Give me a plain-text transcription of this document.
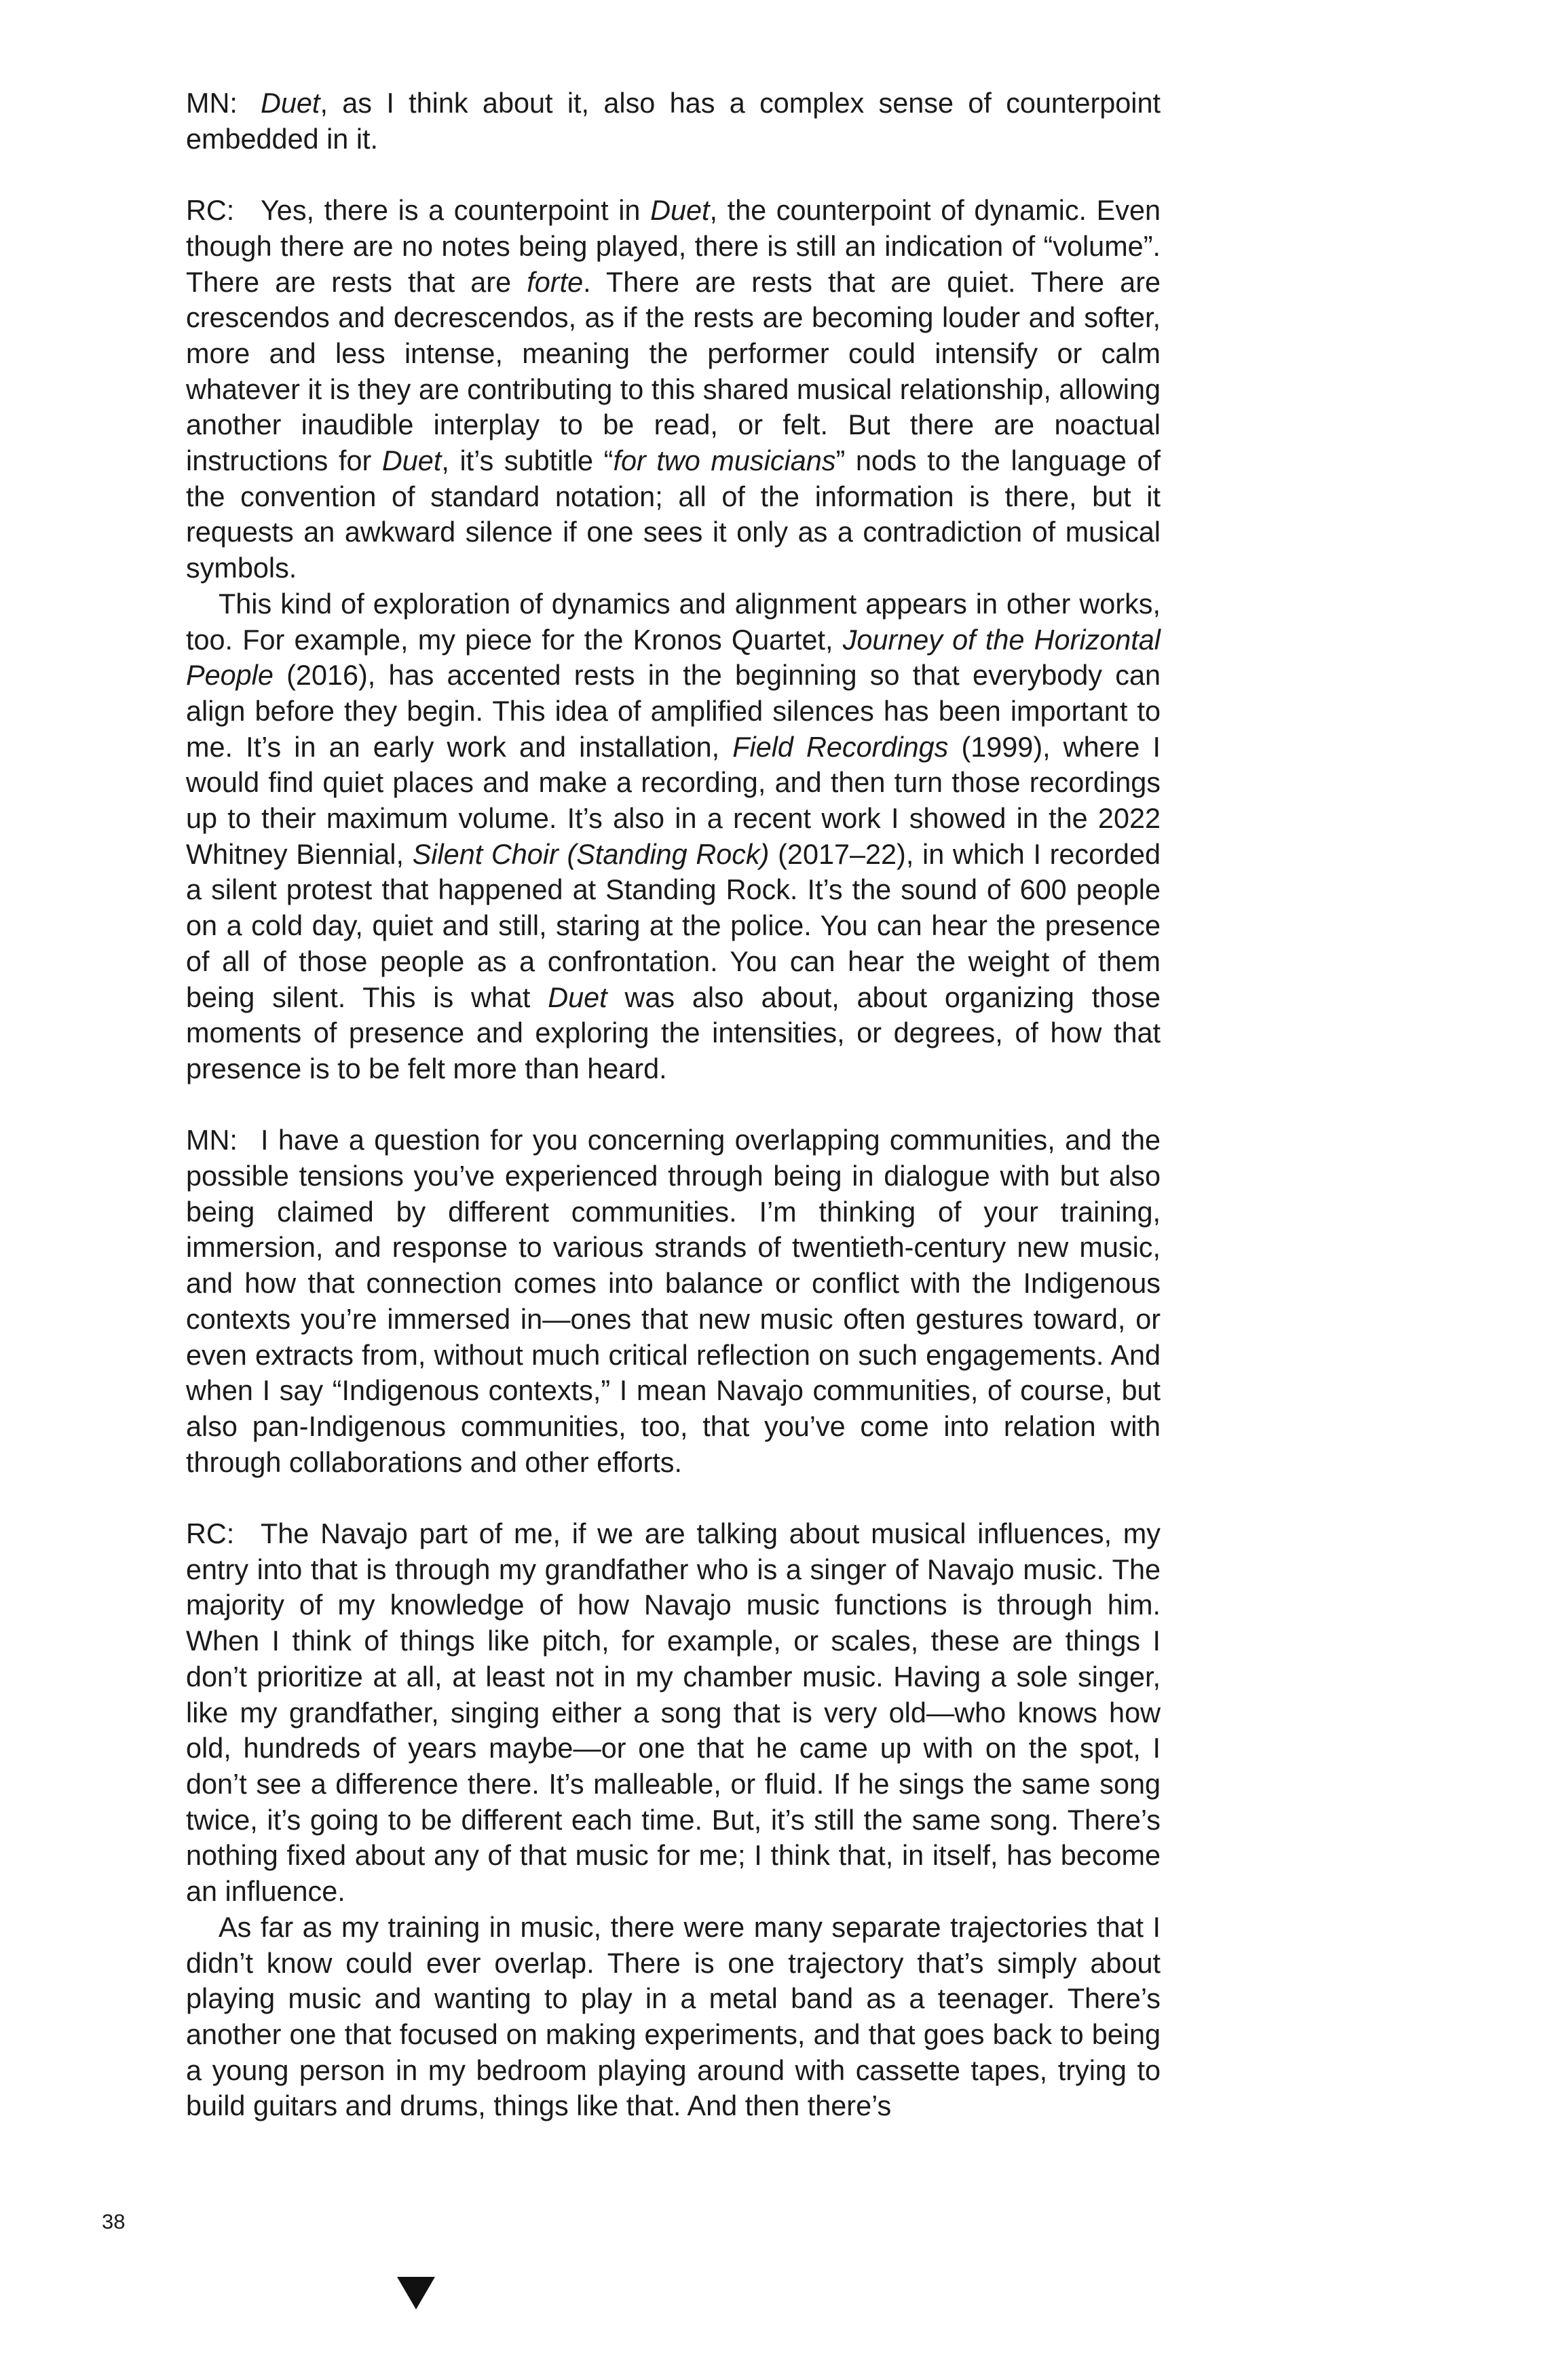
MN: Duet, as I think about it, also has a complex sense of counterpoint embedded in it.

RC: Yes, there is a counterpoint in Duet, the counterpoint of dynamic. Even though there are no notes being played, there is still an indication of “volume”. There are rests that are forte. There are rests that are quiet. There are crescendos and decrescendos, as if the rests are becoming louder and softer, more and less intense, meaning the performer could intensify or calm whatever it is they are contributing to this shared musical relationship, allowing another inaudible interplay to be read, or felt. But there are noactual instructions for Duet, it’s subtitle “for two musicians” nods to the language of the convention of standard notation; all of the information is there, but it requests an awkward silence if one sees it only as a contradiction of musical symbols.

This kind of exploration of dynamics and alignment appears in other works, too. For example, my piece for the Kronos Quartet, Journey of the Horizontal People (2016), has accented rests in the beginning so that everybody can align before they begin. This idea of amplified silences has been important to me. It’s in an early work and installation, Field Recordings (1999), where I would find quiet places and make a recording, and then turn those recordings up to their maximum volume. It’s also in a recent work I showed in the 2022 Whitney Biennial, Silent Choir (Standing Rock) (2017–22), in which I recorded a silent protest that happened at Standing Rock. It’s the sound of 600 people on a cold day, quiet and still, staring at the police. You can hear the presence of all of those people as a confrontation. You can hear the weight of them being silent. This is what Duet was also about, about organizing those moments of presence and exploring the intensities, or degrees, of how that presence is to be felt more than heard.

MN: I have a question for you concerning overlapping communities, and the possible tensions you’ve experienced through being in dialogue with but also being claimed by different communities. I’m thinking of your training, immersion, and response to various strands of twentieth-century new music, and how that connection comes into balance or conflict with the Indigenous contexts you’re immersed in—ones that new music often gestures toward, or even extracts from, without much critical reflection on such engagements. And when I say “Indigenous contexts,” I mean Navajo communities, of course, but also pan-Indigenous communities, too, that you’ve come into relation with through collaborations and other efforts.

RC: The Navajo part of me, if we are talking about musical influences, my entry into that is through my grandfather who is a singer of Navajo music. The majority of my knowledge of how Navajo music functions is through him. When I think of things like pitch, for example, or scales, these are things I don’t prioritize at all, at least not in my chamber music. Having a sole singer, like my grandfather, singing either a song that is very old—who knows how old, hundreds of years maybe—or one that he came up with on the spot, I don’t see a difference there. It’s malleable, or fluid. If he sings the same song twice, it’s going to be different each time. But, it’s still the same song. There’s nothing fixed about any of that music for me; I think that, in itself, has become an influence.

As far as my training in music, there were many separate trajectories that I didn’t know could ever overlap. There is one trajectory that’s simply about playing music and wanting to play in a metal band as a teenager. There’s another one that focused on making experiments, and that goes back to being a young person in my bedroom playing around with cassette tapes, trying to build guitars and drums, things like that. And then there’s

38
